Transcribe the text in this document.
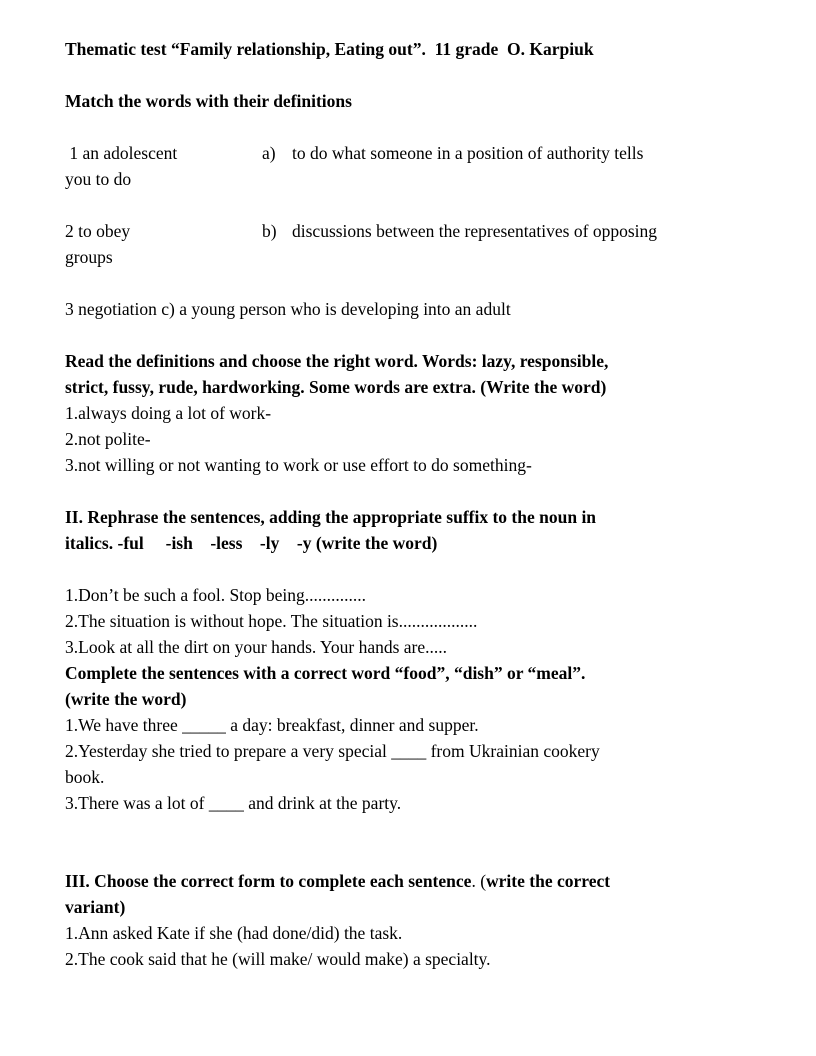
Thematic test “Family relationship, Eating out”.  11 grade  O. Karpiuk

Match the words with their definitions

1 an adolescent	a) to do what someone in a position of authority tells

you to do

2 to obey	b) discussions between the representatives of opposing

groups

3 negotiation c) a young person who is developing into an adult

Read the definitions and choose the right word. Words: lazy, responsible,

strict, fussy, rude, hardworking. Some words are extra. (Write the word)

1.always doing a lot of work-

2.not polite-

3.not willing or not wanting to work or use effort to do something-

II. Rephrase the sentences, adding the appropriate suffix to the noun in

italics. -ful     -ish    -less    -ly    -y (write the word)

1.Don’t be such a fool. Stop being..............

2.The situation is without hope. The situation is..................

3.Look at all the dirt on your hands. Your hands are.....

Complete the sentences with a correct word “food”, “dish” or “meal”.

(write the word)

1.We have three _____ a day: breakfast, dinner and supper.

2.Yesterday she tried to prepare a very special ____ from Ukrainian cookery

book.

3.There was a lot of ____ and drink at the party.

III. Choose the correct form to complete each sentence. (write the correct

variant)

1.Ann asked Kate if she (had done/did) the task.

2.The cook said that he (will make/ would make) a specialty.
